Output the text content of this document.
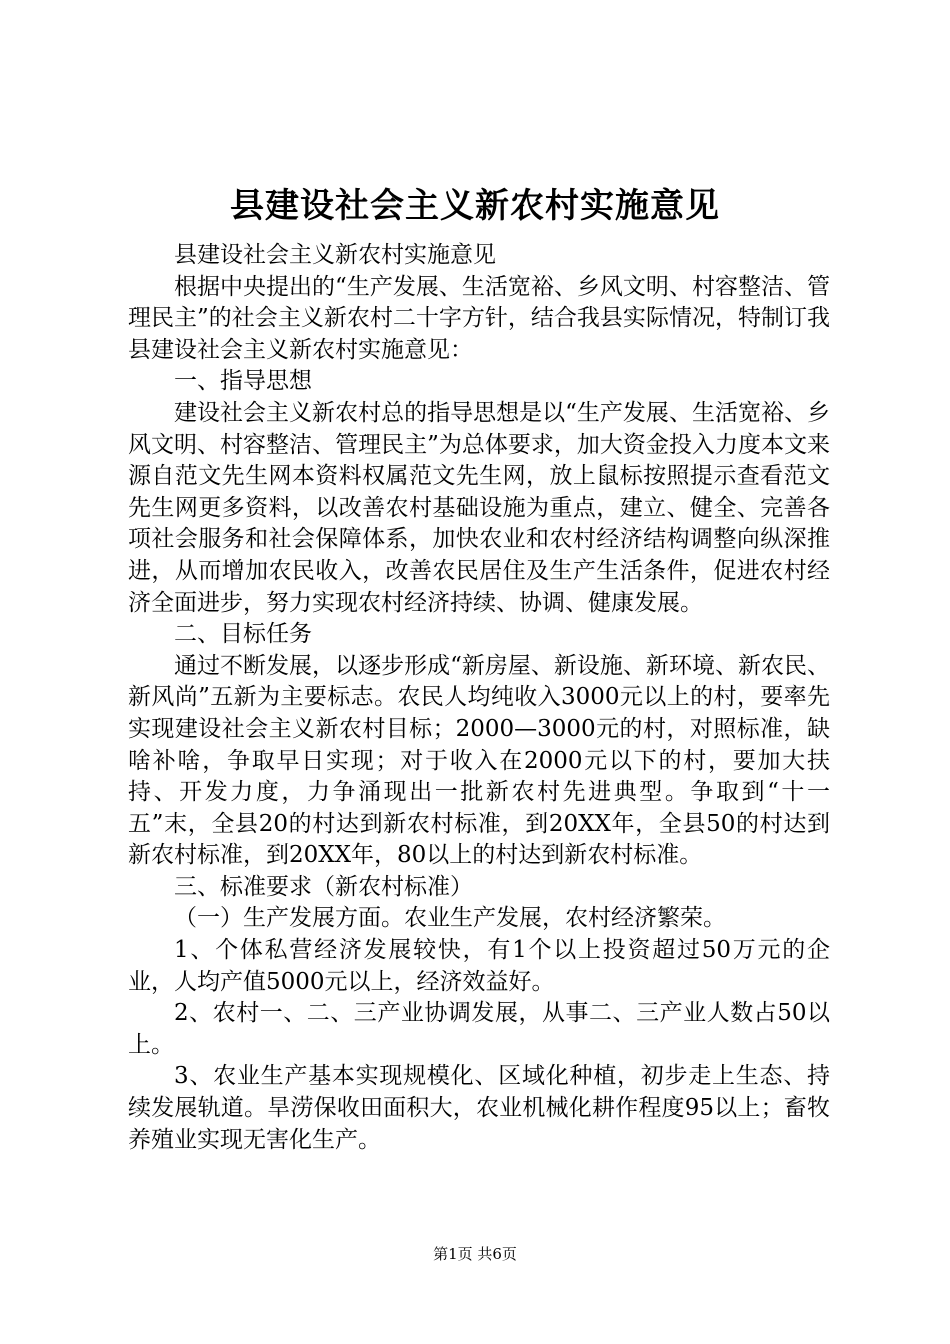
县建设社会主义新农村实施意见

县建设社会主义新农村实施意见

根据中央提出的“生产发展、生活宽裕、乡风文明、村容整洁、管理民主”的社会主义新农村二十字方针，结合我县实际情况，特制订我县建设社会主义新农村实施意见：

一、指导思想

建设社会主义新农村总的指导思想是以“生产发展、生活宽裕、乡风文明、村容整洁、管理民主”为总体要求，加大资金投入力度本文来源自范文先生网本资料权属范文先生网，放上鼠标按照提示查看范文先生网更多资料，以改善农村基础设施为重点，建立、健全、完善各项社会服务和社会保障体系，加快农业和农村经济结构调整向纵深推进，从而增加农民收入，改善农民居住及生产生活条件，促进农村经济全面进步，努力实现农村经济持续、协调、健康发展。

二、目标任务

通过不断发展，以逐步形成“新房屋、新设施、新环境、新农民、新风尚”五新为主要标志。农民人均纯收入3000元以上的村，要率先实现建设社会主义新农村目标；2000—3000元的村，对照标准，缺啥补啥，争取早日实现；对于收入在2000元以下的村，要加大扶持、开发力度，力争涌现出一批新农村先进典型。争取到“十一五”末，全县20的村达到新农村标准，到20XX年，全县50的村达到新农村标准，到20XX年，80以上的村达到新农村标准。

三、标准要求（新农村标准）

（一）生产发展方面。农业生产发展，农村经济繁荣。

1、个体私营经济发展较快，有1个以上投资超过50万元的企业，人均产值5000元以上，经济效益好。

2、农村一、二、三产业协调发展，从事二、三产业人数占50以上。

3、农业生产基本实现规模化、区域化种植，初步走上生态、持续发展轨道。旱涝保收田面积大，农业机械化耕作程度95以上；畜牧养殖业实现无害化生产。

第1页 共6页
